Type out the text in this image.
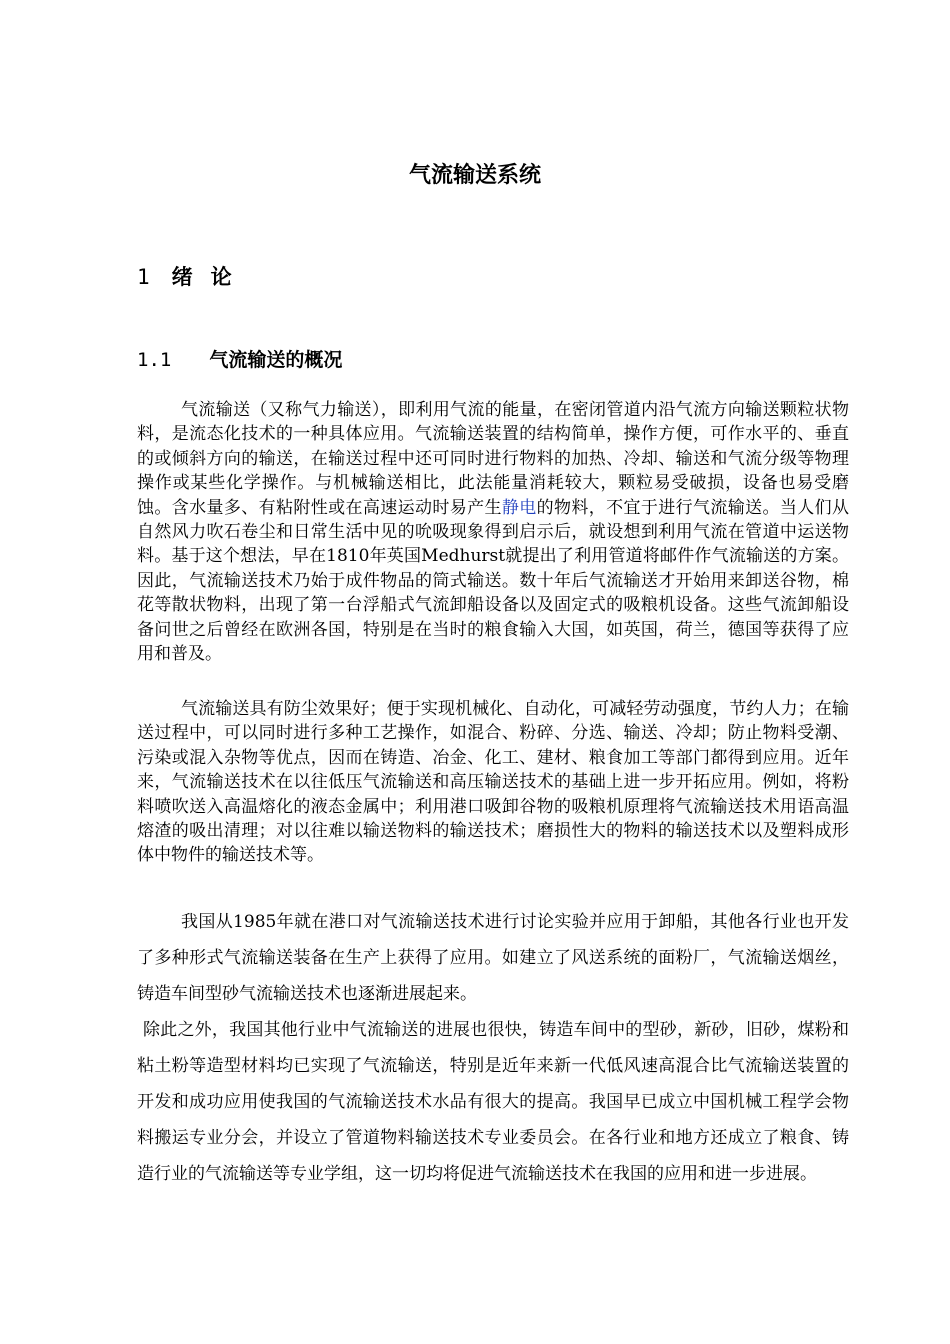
气流输送系统
1 绪 论
1.1 气流输送的概况

气流输送（又称气力输送），即利用气流的能量，在密闭管道内沿气流方向输送颗粒状物料，是流态化技术的一种具体应用。气流输送装置的结构简单，操作方便，可作水平的、垂直的或倾斜方向的输送，在输送过程中还可同时进行物料的加热、冷却、输送和气流分级等物理操作或某些化学操作。与机械输送相比，此法能量消耗较大，颗粒易受破损，设备也易受磨蚀。含水量多、有粘附性或在高速运动时易产生静电的物料，不宜于进行气流输送。当人们从自然风力吹石卷尘和日常生活中见的吮吸现象得到启示后，就设想到利用气流在管道中运送物料。基于这个想法，早在1810年英国Medhurst就提出了利用管道将邮件作气流输送的方案。因此，气流输送技术乃始于成件物品的筒式输送。数十年后气流输送才开始用来卸送谷物，棉花等散状物料，出现了第一台浮船式气流卸船设备以及固定式的吸粮机设备。这些气流卸船设备问世之后曾经在欧洲各国，特别是在当时的粮食输入大国，如英国，荷兰，德国等获得了应用和普及。

气流输送具有防尘效果好；便于实现机械化、自动化，可减轻劳动强度，节约人力；在输送过程中，可以同时进行多种工艺操作，如混合、粉碎、分选、输送、冷却；防止物料受潮、污染或混入杂物等优点，因而在铸造、冶金、化工、建材、粮食加工等部门都得到应用。近年来，气流输送技术在以往低压气流输送和高压输送技术的基础上进一步开拓应用。例如，将粉料喷吹送入高温熔化的液态金属中；利用港口吸卸谷物的吸粮机原理将气流输送技术用语高温熔渣的吸出清理；对以往难以输送物料的输送技术；磨损性大的物料的输送技术以及塑料成形体中物件的输送技术等。

我国从1985年就在港口对气流输送技术进行讨论实验并应用于卸船，其他各行业也开发了多种形式气流输送装备在生产上获得了应用。如建立了风送系统的面粉厂，气流输送烟丝，铸造车间型砂气流输送技术也逐渐进展起来。

除此之外，我国其他行业中气流输送的进展也很快，铸造车间中的型砂，新砂，旧砂，煤粉和粘土粉等造型材料均已实现了气流输送，特别是近年来新一代低风速高混合比气流输送装置的开发和成功应用使我国的气流输送技术水品有很大的提高。我国早已成立中国机械工程学会物料搬运专业分会，并设立了管道物料输送技术专业委员会。在各行业和地方还成立了粮食、铸造行业的气流输送等专业学组，这一切均将促进气流输送技术在我国的应用和进一步进展。
